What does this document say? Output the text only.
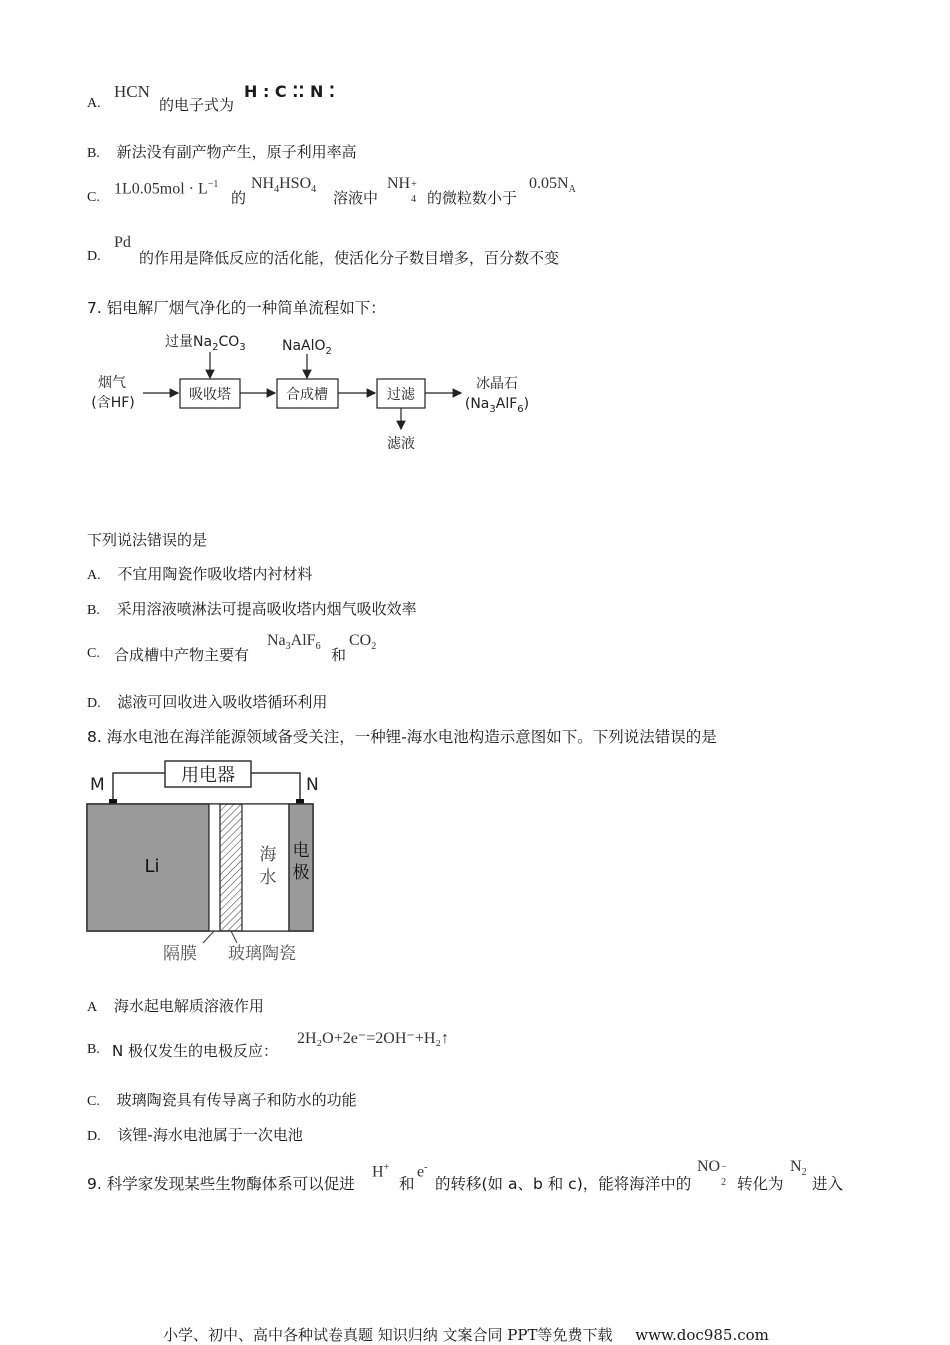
A.
HCN
的电子式为
H : C ⁚⁚ N ⁚
B. 新法没有副产物产生，原子利用率高
C.
$1L0.05mol \cdot L^{-1}$
的
$NH_4HSO_4$ 溶液中
NH +
4 的微粒数小于
$0.05N_A$
D.
Pd
的作用是降低反应的活化能，使活化分子数目增多，百分数不变
7. 铝电解厂烟气净化的一种简单流程如下：
过量$Na_2CO_3$	NaAlO$_2$
烟气
(含HF)	吸收塔	合成槽	过滤
滤液
冰晶石
$(Na_3AlF_6)$
下列说法错误的是
A. 不宜用陶瓷作吸收塔内衬材料
B. 采用溶液喷淋法可提高吸收塔内烟气吸收效率
C. 合成槽中产物主要有
$Na_3AlF_6$ 和
$CO_2$
D. 滤液可回收进入吸收塔循环利用
8. 海水电池在海洋能源领域备受关注，一种锂-海水电池构造示意图如下。下列说法错误的是
用电器
M	N
Li
海
水
电
极
隔膜 玻璃陶瓷
A 海水起电解质溶液作用
B. N 极仅发生的电极反应：
2H₂O+2e⁻=2OH⁻+H₂↑
C. 玻璃陶瓷具有传导离子和防水的功能
D. 该锂-海水电池属于一次电池
9. 科学家发现某些生物酶体系可以促进
H+
和
e-
的转移(如 a、b 和 c)，能将海洋中的
NO −
2 转化为
$N_2$
进入
小学、初中、高中各种试卷真题 知识归纳 文案合同 PPT等免费下载 www.doc985.com
